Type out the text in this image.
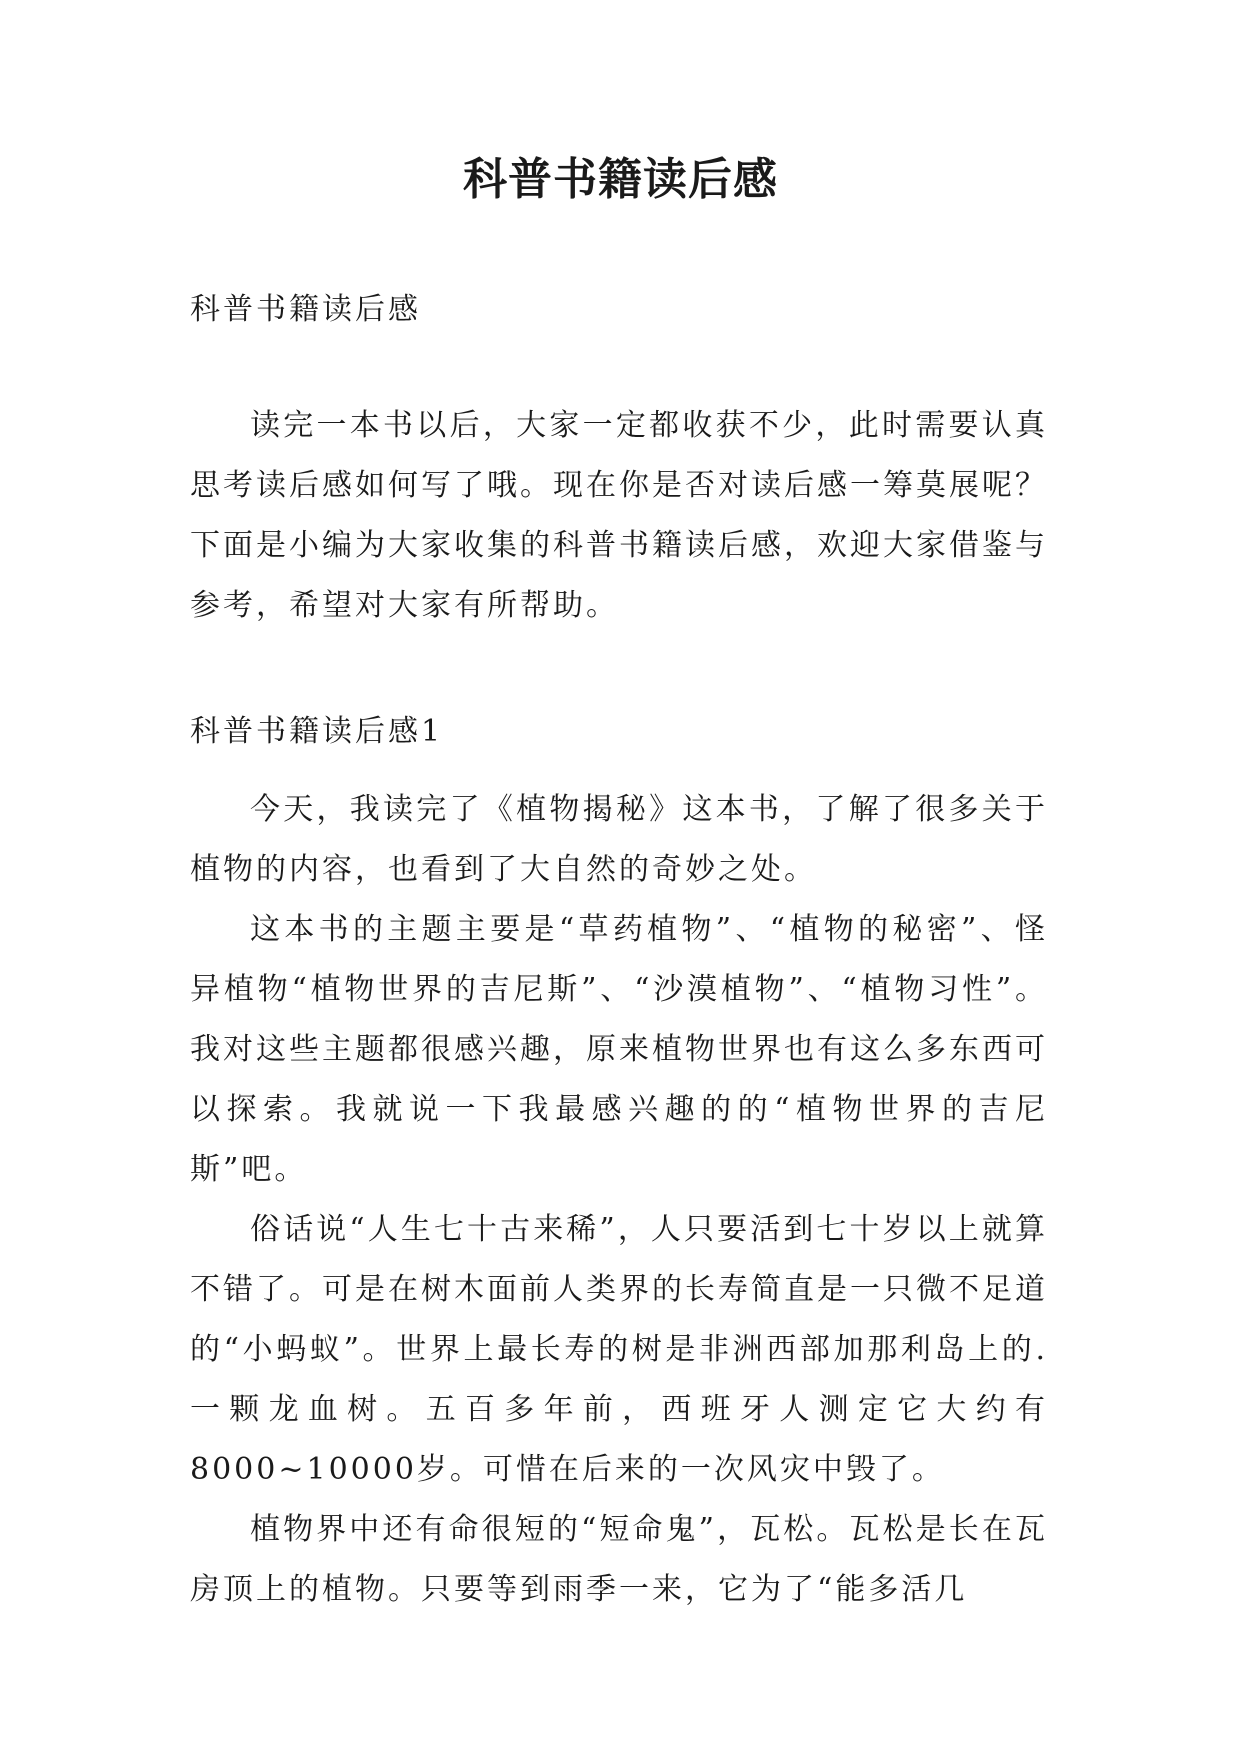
科普书籍读后感

科普书籍读后感

读完一本书以后，大家一定都收获不少，此时需要认真思考读后感如何写了哦。现在你是否对读后感一筹莫展呢？下面是小编为大家收集的科普书籍读后感，欢迎大家借鉴与参考，希望对大家有所帮助。

科普书籍读后感1

今天，我读完了《植物揭秘》这本书，了解了很多关于植物的内容，也看到了大自然的奇妙之处。

这本书的主题主要是“草药植物”、“植物的秘密”、怪异植物“植物世界的吉尼斯”、“沙漠植物”、“植物习性”。我对这些主题都很感兴趣，原来植物世界也有这么多东西可以探索。我就说一下我最感兴趣的的“植物世界的吉尼斯”吧。

俗话说“人生七十古来稀”，人只要活到七十岁以上就算不错了。可是在树木面前人类界的长寿简直是一只微不足道的“小蚂蚁”。世界上最长寿的树是非洲西部加那利岛上的.一颗龙血树。五百多年前，西班牙人测定它大约有8000~10000岁。可惜在后来的一次风灾中毁了。

植物界中还有命很短的“短命鬼”，瓦松。瓦松是长在瓦房顶上的植物。只要等到雨季一来，它为了“能多活几
